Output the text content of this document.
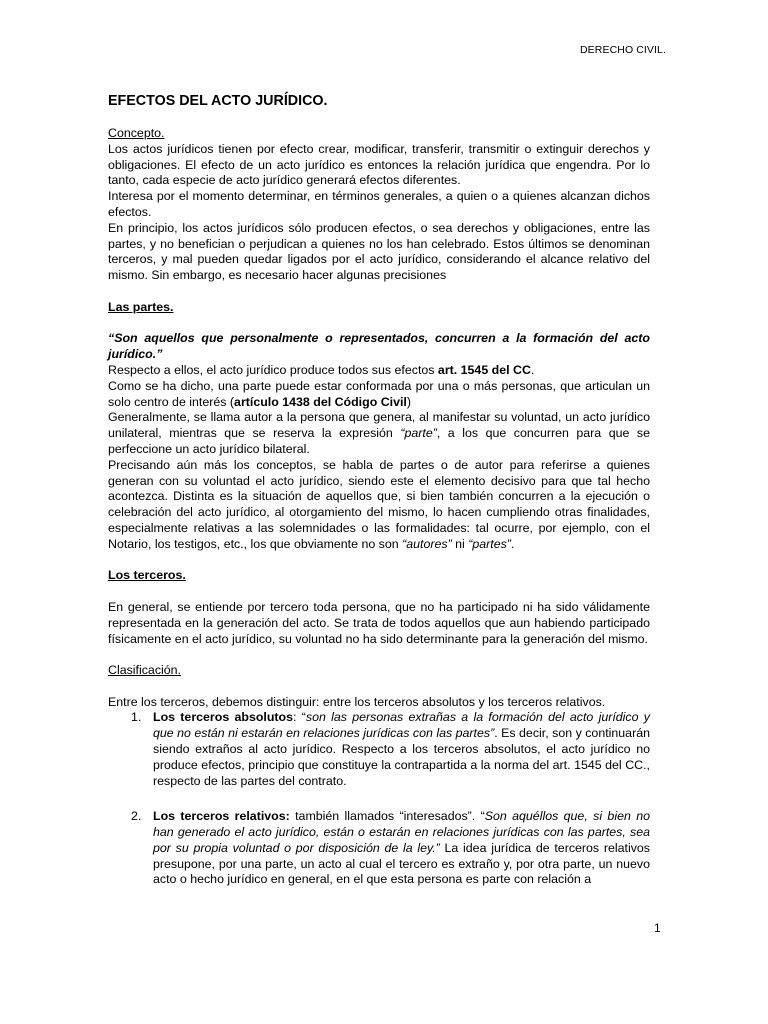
DERECHO CIVIL.
EFECTOS DEL ACTO JURÍDICO.

Concepto.

Los actos jurídicos tienen por efecto crear, modificar, transferir, transmitir o extinguir derechos y obligaciones. El efecto de un acto jurídico es entonces la relación jurídica que engendra. Por lo tanto, cada especie de acto jurídico generará efectos diferentes.

Interesa por el momento determinar, en términos generales, a quien o a quienes alcanzan dichos efectos.

En principio, los actos jurídicos sólo producen efectos, o sea derechos y obligaciones, entre las partes, y no benefician o perjudican a quienes no los han celebrado. Estos últimos se denominan terceros, y mal pueden quedar ligados por el acto jurídico, considerando el alcance relativo del mismo. Sin embargo, es necesario hacer algunas precisiones

Las partes.

“Son aquellos que personalmente o representados, concurren a la formación del acto jurídico.”

Respecto a ellos, el acto jurídico produce todos sus efectos art. 1545 del CC.

Como se ha dicho, una parte puede estar conformada por una o más personas, que articulan un solo centro de interés (artículo 1438 del Código Civil)

Generalmente, se llama autor a la persona que genera, al manifestar su voluntad, un acto jurídico unilateral, mientras que se reserva la expresión “parte”, a los que concurren para que se perfeccione un acto jurídico bilateral.

Precisando aún más los conceptos, se habla de partes o de autor para referirse a quienes generan con su voluntad el acto jurídico, siendo este el elemento decisivo para que tal hecho acontezca. Distinta es la situación de aquellos que, si bien también concurren a la ejecución o celebración del acto jurídico, al otorgamiento del mismo, lo hacen cumpliendo otras finalidades, especialmente relativas a las solemnidades o las formalidades: tal ocurre, por ejemplo, con el Notario, los testigos, etc., los que obviamente no son “autores” ni “partes”.

Los terceros.

En general, se entiende por tercero toda persona, que no ha participado ni ha sido válidamente representada en la generación del acto. Se trata de todos aquellos que aun habiendo participado físicamente en el acto jurídico, su voluntad no ha sido determinante para la generación del mismo.

Clasificación.

Entre los terceros, debemos distinguir: entre los terceros absolutos y los terceros relativos.

1. Los terceros absolutos: “son las personas extrañas a la formación del acto jurídico y que no están ni estarán en relaciones jurídicas con las partes”. Es decir, son y continuarán siendo extraños al acto jurídico. Respecto a los terceros absolutos, el acto jurídico no produce efectos, principio que constituye la contrapartida a la norma del art. 1545 del CC., respecto de las partes del contrato.
2. Los terceros relativos: también llamados “interesados”. “Son aquéllos que, si bien no han generado el acto jurídico, están o estarán en relaciones jurídicas con las partes, sea por su propia voluntad o por disposición de la ley.” La idea jurídica de terceros relativos presupone, por una parte, un acto al cual el tercero es extraño y, por otra parte, un nuevo acto o hecho jurídico en general, en el que esta persona es parte con relación a
1
